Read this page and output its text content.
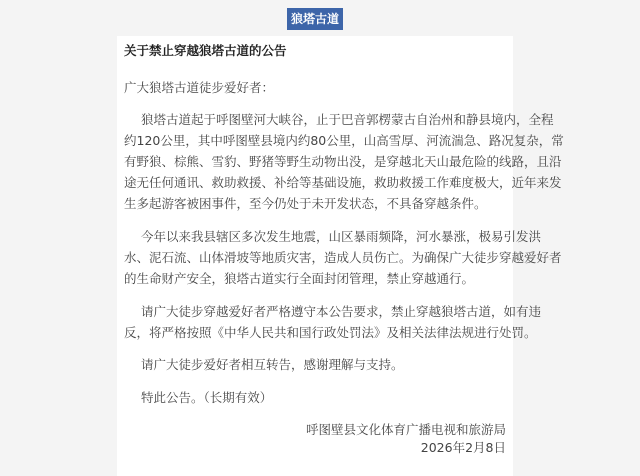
狼塔古道
关于禁止穿越狼塔古道的公告
广大狼塔古道徒步爱好者：
狼塔古道起于呼图壁河大峡谷，止于巴音郭楞蒙古自治州和静县境内，全程
约120公里，其中呼图壁县境内约80公里，山高雪厚、河流湍急、路况复杂，常
有野狼、棕熊、雪豹、野猪等野生动物出没，是穿越北天山最危险的线路，且沿
途无任何通讯、救助救援、补给等基础设施，救助救援工作难度极大，近年来发
生多起游客被困事件，至今仍处于未开发状态，不具备穿越条件。
今年以来我县辖区多次发生地震，山区暴雨频降，河水暴涨，极易引发洪
水、泥石流、山体滑坡等地质灾害，造成人员伤亡。为确保广大徒步穿越爱好者
的生命财产安全，狼塔古道实行全面封闭管理，禁止穿越通行。
请广大徒步穿越爱好者严格遵守本公告要求，禁止穿越狼塔古道，如有违
反，将严格按照《中华人民共和国行政处罚法》及相关法律法规进行处罚。
请广大徒步爱好者相互转告，感谢理解与支持。
特此公告。（长期有效）
呼图壁县文化体育广播电视和旅游局
2026年2月8日
